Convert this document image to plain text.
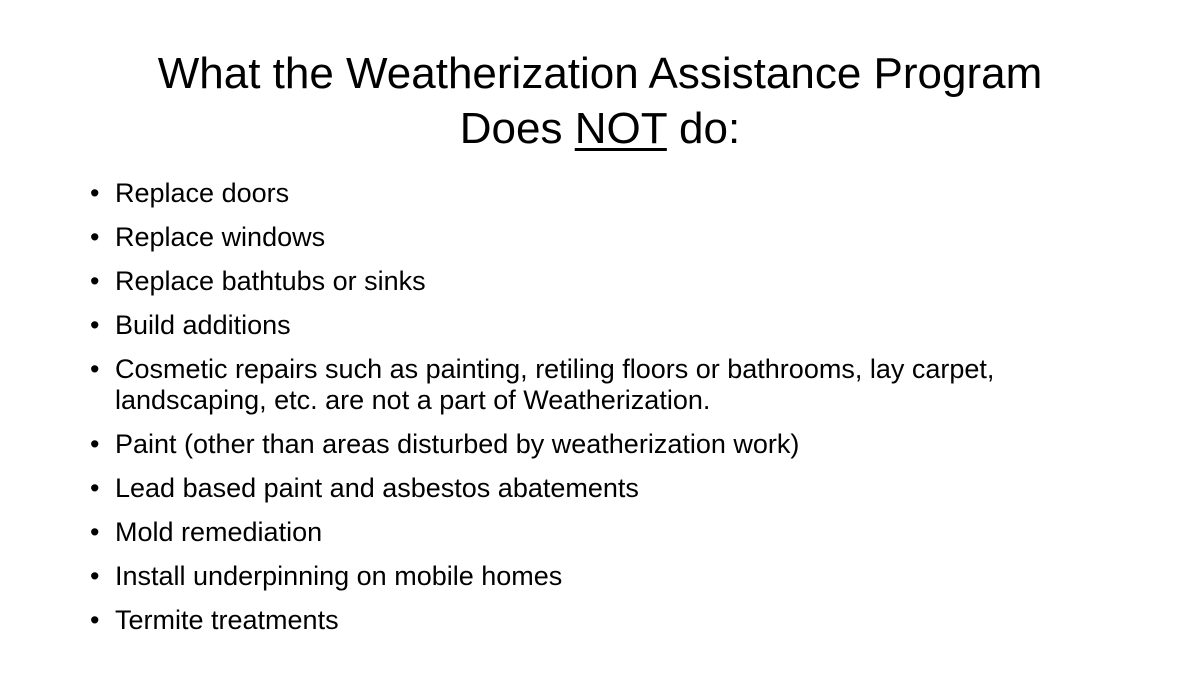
What the Weatherization Assistance Program
Does NOT do:
• Replace doors
• Replace windows
• Replace bathtubs or sinks
• Build additions
• Cosmetic repairs such as painting, retiling floors or bathrooms, lay carpet, landscaping, etc. are not a part of Weatherization.
• Paint (other than areas disturbed by weatherization work)
• Lead based paint and asbestos abatements
• Mold remediation
• Install underpinning on mobile homes
• Termite treatments
